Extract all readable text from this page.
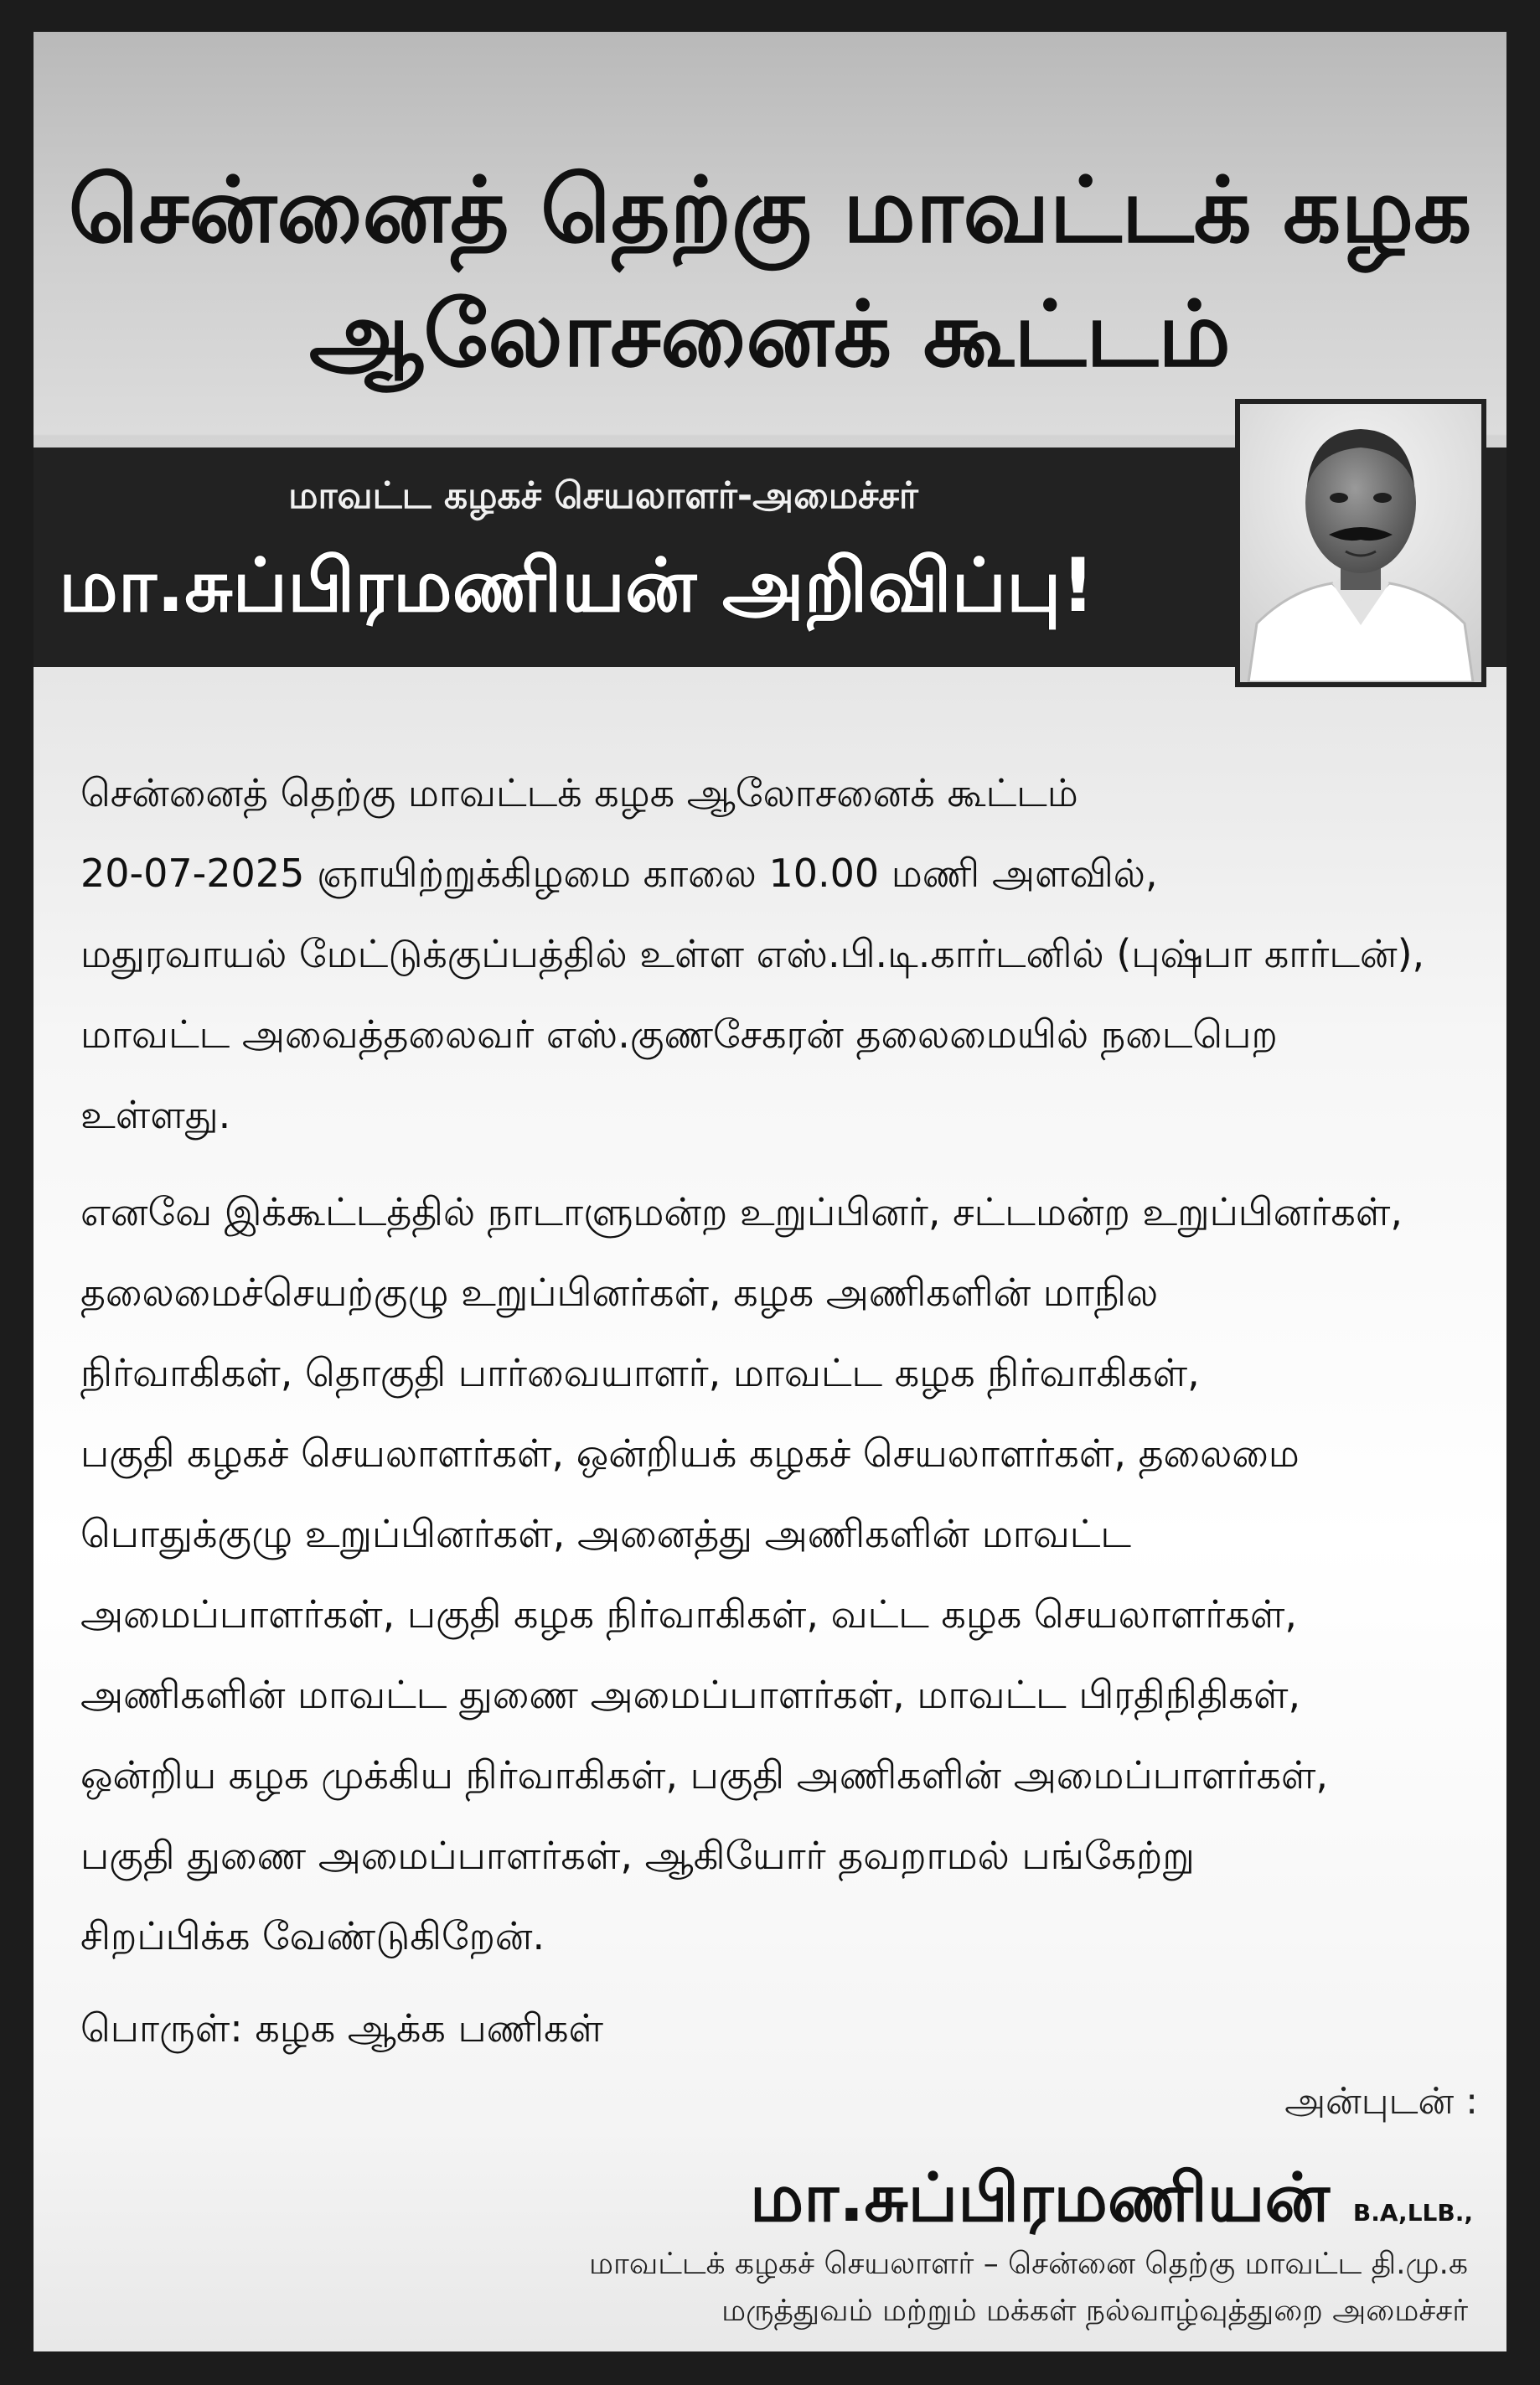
சென்னைத் தெற்கு மாவட்டக் கழக
ஆலோசனைக் கூட்டம்
மாவட்ட கழகச் செயலாளர்-அமைச்சர்
மா.சுப்பிரமணியன் அறிவிப்பு!
சென்னைத் தெற்கு மாவட்டக் கழக ஆலோசனைக் கூட்டம்
20-07-2025 ஞாயிற்றுக்கிழமை காலை 10.00 மணி அளவில்,
மதுரவாயல் மேட்டுக்குப்பத்தில் உள்ள எஸ்.பி.டி.கார்டனில் (புஷ்பா கார்டன்),
மாவட்ட அவைத்தலைவர் எஸ்.குணசேகரன் தலைமையில் நடைபெற
உள்ளது.
எனவே இக்கூட்டத்தில் நாடாளுமன்ற உறுப்பினர், சட்டமன்ற உறுப்பினர்கள்,
தலைமைச்செயற்குழு உறுப்பினர்கள், கழக அணிகளின் மாநில
நிர்வாகிகள், தொகுதி பார்வையாளர், மாவட்ட கழக நிர்வாகிகள்,
பகுதி கழகச் செயலாளர்கள், ஒன்றியக் கழகச் செயலாளர்கள், தலைமை
பொதுக்குழு உறுப்பினர்கள், அனைத்து அணிகளின் மாவட்ட
அமைப்பாளர்கள், பகுதி கழக நிர்வாகிகள், வட்ட கழக செயலாளர்கள்,
அணிகளின் மாவட்ட துணை அமைப்பாளர்கள், மாவட்ட பிரதிநிதிகள்,
ஒன்றிய கழக முக்கிய நிர்வாகிகள், பகுதி அணிகளின் அமைப்பாளர்கள்,
பகுதி துணை அமைப்பாளர்கள், ஆகியோர் தவறாமல் பங்கேற்று
சிறப்பிக்க வேண்டுகிறேன்.
பொருள்: கழக ஆக்க பணிகள்
அன்புடன் :
மா.சுப்பிரமணியன் B.A,LLB.,
மாவட்டக் கழகச் செயலாளர் – சென்னை தெற்கு மாவட்ட தி.மு.க
மருத்துவம் மற்றும் மக்கள் நல்வாழ்வுத்துறை அமைச்சர்
